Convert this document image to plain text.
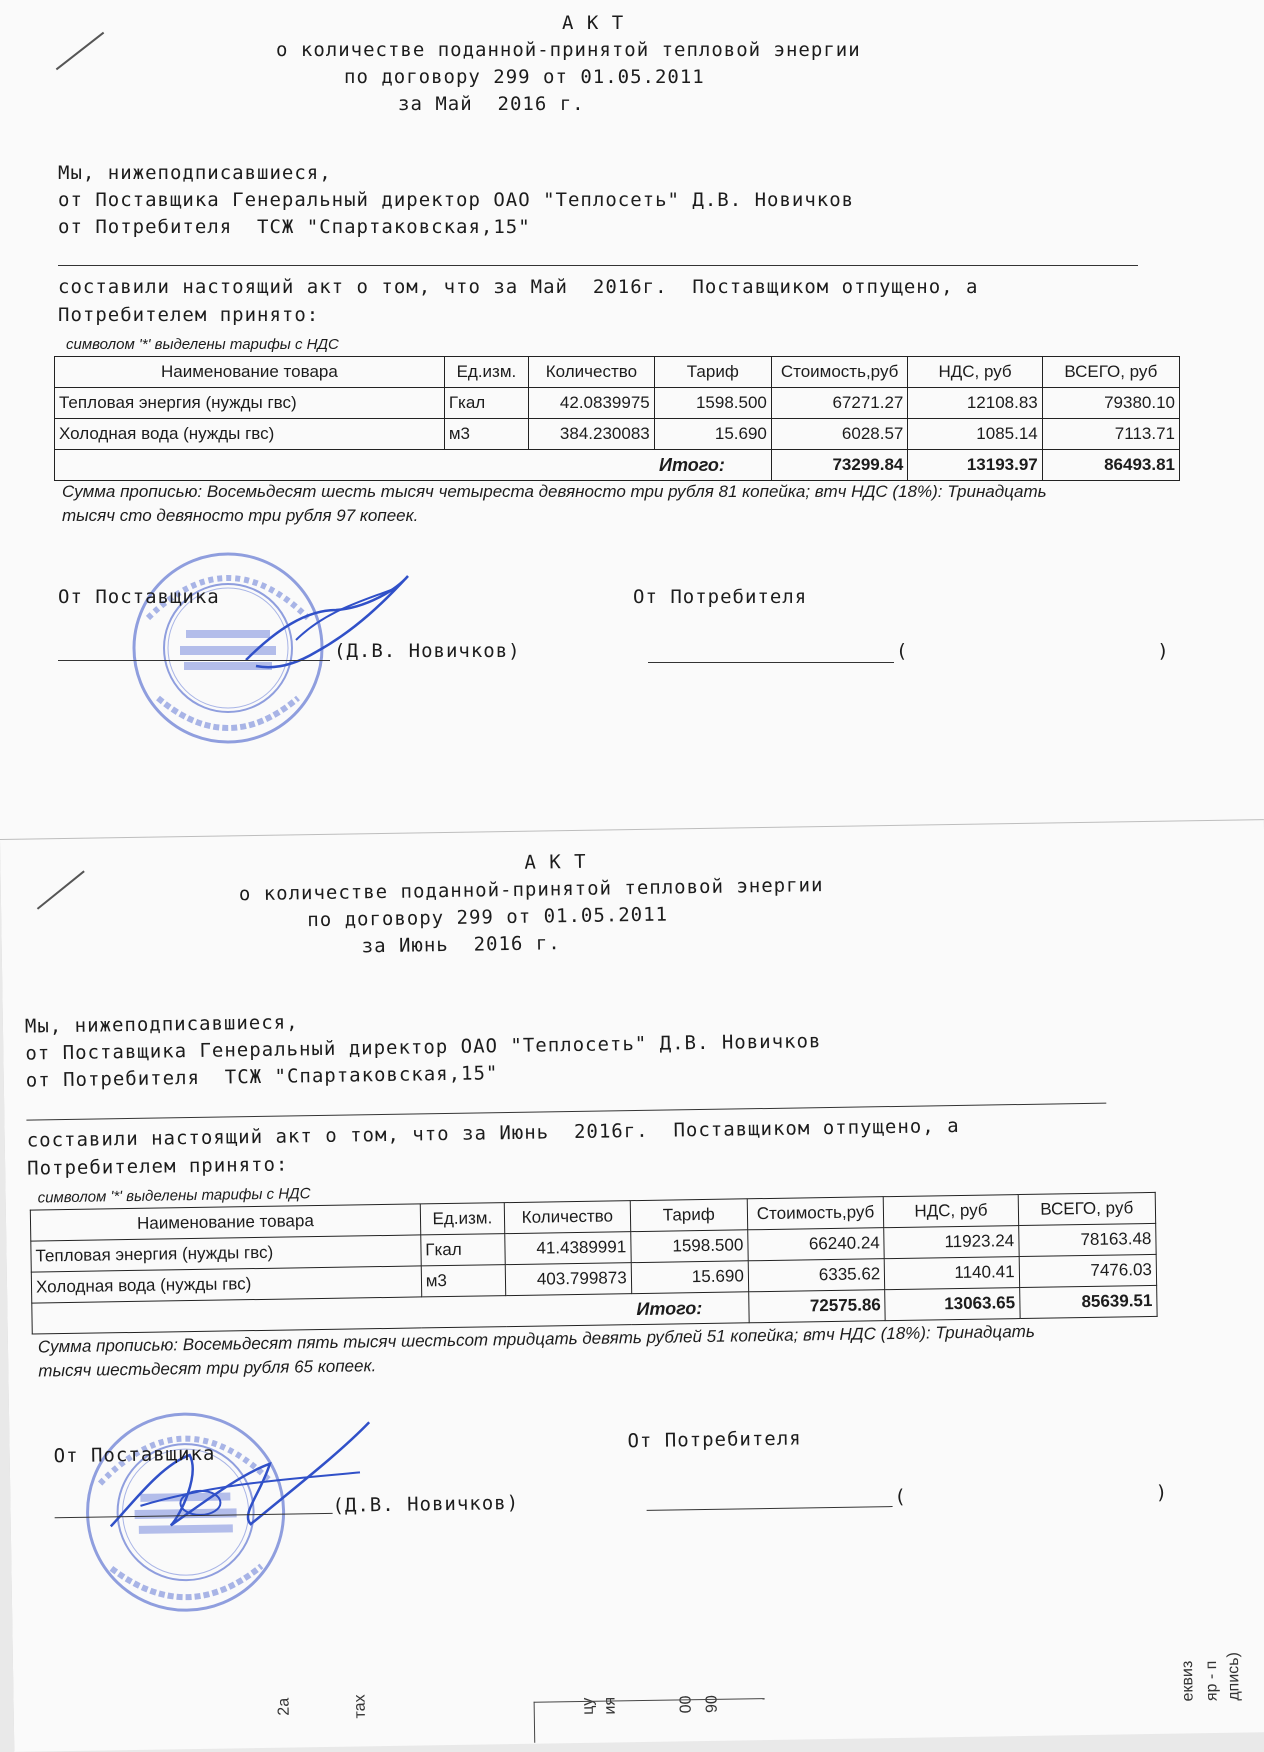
А К Т
о количестве поданной-принятой тепловой энергии
по договору 299 от 01.05.2011
за Май  2016 г.
Мы, нижеподписавшиеся,
от Поставщика Генеральный директор ОАО "Теплосеть" Д.В. Новичков
от Потребителя  ТСЖ "Спартаковская,15"
составили настоящий акт о том, что за Май  2016г.  Поставщиком отпущено, а
Потребителем принято:
символом '*' выделены тарифы с НДС
Наименование товара	Ед.изм.	Количество	Тариф	Стоимость,руб	НДС, руб	ВСЕГО, руб
Тепловая энергия (нужды гвс)	Гкал	42.0839975	1598.500	67271.27	12108.83	79380.10
Холодная вода (нужды гвс)	м3	384.230083	15.690	6028.57	1085.14	7113.71
Итого:				73299.84	13193.97	86493.81
Сумма прописью: Восемьдесят шесть тысяч четыреста девяносто три рубля 81 копейка; втч НДС (18%): Тринадцать
тысяч сто девяносто три рубля 97 копеек.
От Поставщика	От Потребителя
(Д.В. Новичков)	(                    )
А К Т
о количестве поданной-принятой тепловой энергии
по договору 299 от 01.05.2011
за Июнь  2016 г.
Мы, нижеподписавшиеся,
от Поставщика Генеральный директор ОАО "Теплосеть" Д.В. Новичков
от Потребителя  ТСЖ "Спартаковская,15"
составили настоящий акт о том, что за Июнь  2016г.  Поставщиком отпущено, а
Потребителем принято:
символом '*' выделены тарифы с НДС
Наименование товара	Ед.изм.	Количество	Тариф	Стоимость,руб	НДС, руб	ВСЕГО, руб
Тепловая энергия (нужды гвс)	Гкал	41.4389991	1598.500	66240.24	11923.24	78163.48
Холодная вода (нужды гвс)	м3	403.799873	15.690	6335.62	1140.41	7476.03
Итого:				72575.86	13063.65	85639.51
Сумма прописью: Восемьдесят пять тысяч шестьсот тридцать девять рублей 51 копейка; втч НДС (18%): Тринадцать
тысяч шестьдесят три рубля 65 копеек.
От Поставщика
От Потребителя
(Д.В. Новичков)	(                    )
2а	тах
еквиз яр - п дпись)
цу ия	00 90
